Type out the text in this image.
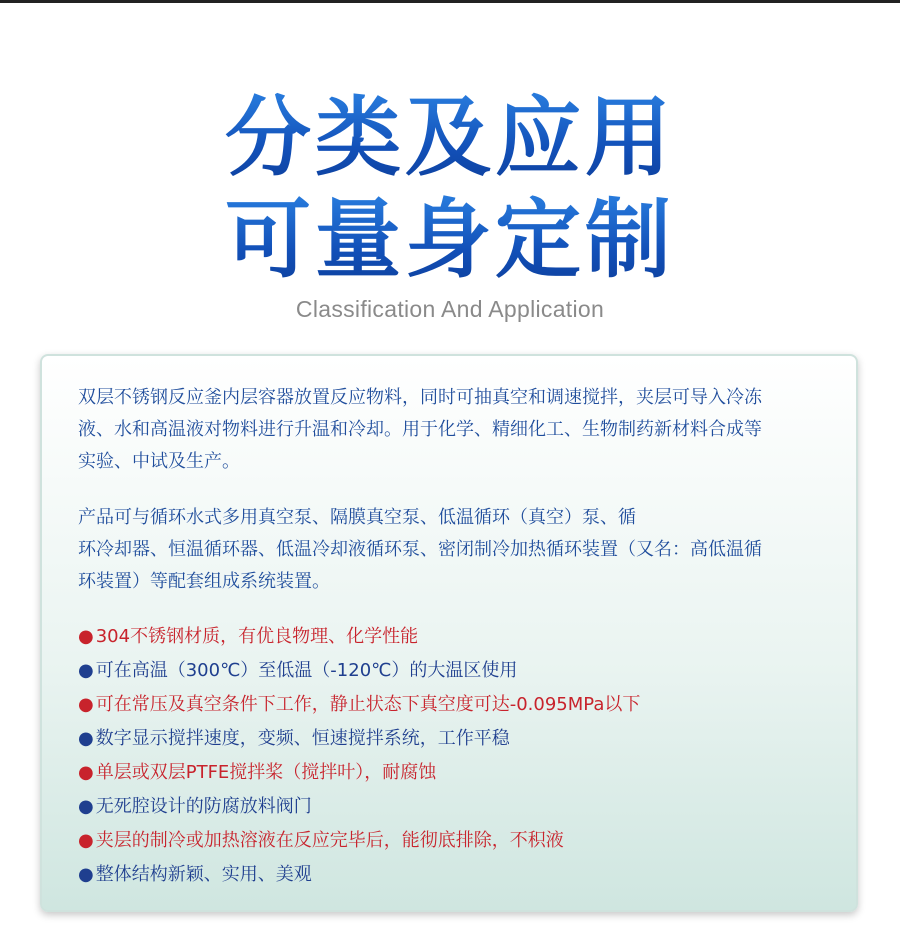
分类及应用
可量身定制
Classification And Application

双层不锈钢反应釜内层容器放置反应物料，同时可抽真空和调速搅拌，夹层可导入冷冻
液、水和高温液对物料进行升温和冷却。用于化学、精细化工、生物制药新材料合成等
实验、中试及生产。

产品可与循环水式多用真空泵、隔膜真空泵、低温循环（真空）泵、循
环冷却器、恒温循环器、低温冷却液循环泵、密闭制冷加热循环装置（又名：高低温循
环装置）等配套组成系统装置。

● 304不锈钢材质，有优良物理、化学性能
● 可在高温（300℃）至低温（-120℃）的大温区使用
● 可在常压及真空条件下工作，静止状态下真空度可达-0.095MPa以下
● 数字显示搅拌速度，变频、恒速搅拌系统，工作平稳
● 单层或双层PTFE搅拌桨（搅拌叶），耐腐蚀
● 无死腔设计的防腐放料阀门
● 夹层的制冷或加热溶液在反应完毕后，能彻底排除，不积液
● 整体结构新颖、实用、美观
